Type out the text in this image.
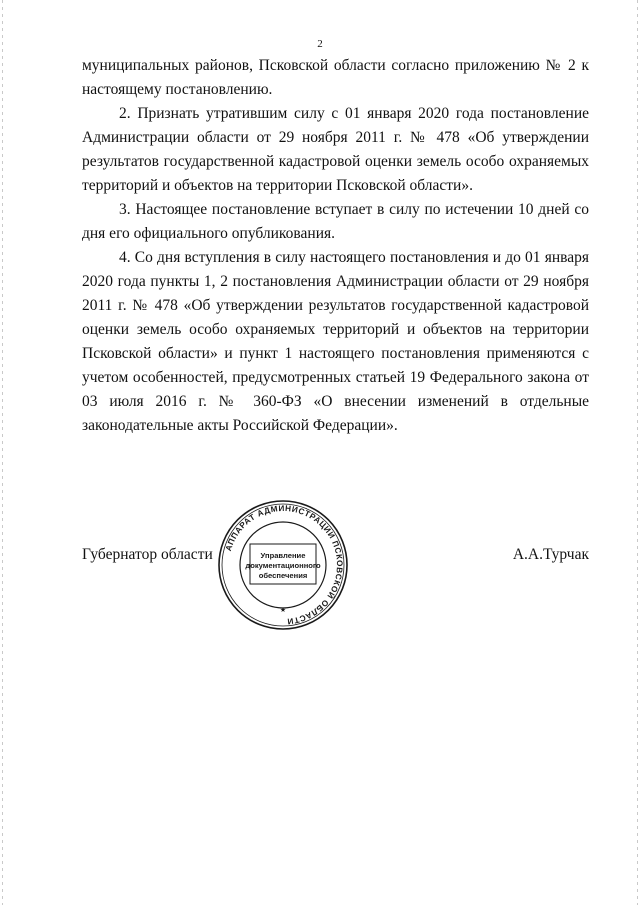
2

муниципальных районов, Псковской области согласно приложению № 2 к настоящему постановлению.

2. Признать утратившим силу с 01 января 2020 года постановление Администрации области от 29 ноября 2011 г. № 478 «Об утверждении результатов государственной кадастровой оценки земель особо охраняемых территорий и объектов на территории Псковской области».

3. Настоящее постановление вступает в силу по истечении 10 дней со дня его официального опубликования.

4. Со дня вступления в силу настоящего постановления и до 01 января 2020 года пункты 1, 2 постановления Администрации области от 29 ноября 2011 г. № 478 «Об утверждении результатов государственной кадастровой оценки земель особо охраняемых территорий и объектов на территории Псковской области» и пункт 1 настоящего постановления применяются с учетом особенностей, предусмотренных статьей 19 Федерального закона от 03 июля 2016 г. № 360-ФЗ «О внесении изменений в отдельные законодательные акты Российской Федерации».

Губернатор области	А.А.Турчак
АППАРАТ АДМИНИСТРАЦИИ ПСКОВСКОЙ ОБЛАСТИ
Управление
документационного
обеспечения
★
